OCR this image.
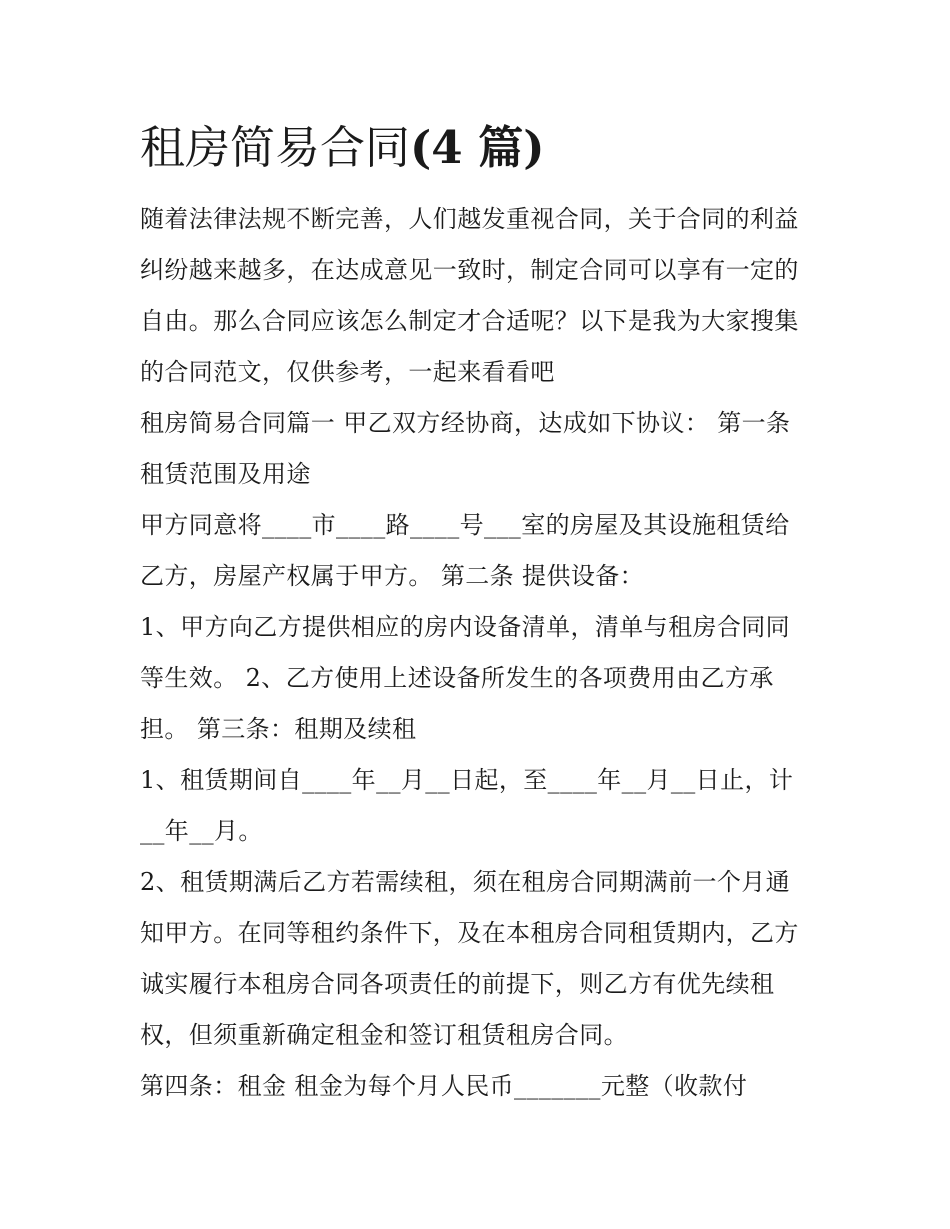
租房简易合同(4 篇)
随着法律法规不断完善，人们越发重视合同，关于合同的利益
纠纷越来越多，在达成意见一致时，制定合同可以享有一定的
自由。那么合同应该怎么制定才合适呢？以下是我为大家搜集
的合同范文，仅供参考，一起来看看吧
租房简易合同篇一 甲乙双方经协商，达成如下协议： 第一条
租赁范围及用途
甲方同意将____市____路____号___室的房屋及其设施租赁给
乙方，房屋产权属于甲方。 第二条 提供设备：
1、甲方向乙方提供相应的房内设备清单，清单与租房合同同
等生效。 2、乙方使用上述设备所发生的各项费用由乙方承
担。 第三条：租期及续租
1、租赁期间自____年__月__日起，至____年__月__日止，计
__年__月。
2、租赁期满后乙方若需续租，须在租房合同期满前一个月通
知甲方。在同等租约条件下，及在本租房合同租赁期内，乙方
诚实履行本租房合同各项责任的前提下，则乙方有优先续租
权，但须重新确定租金和签订租赁租房合同。
第四条：租金 租金为每个月人民币_______元整（收款付
